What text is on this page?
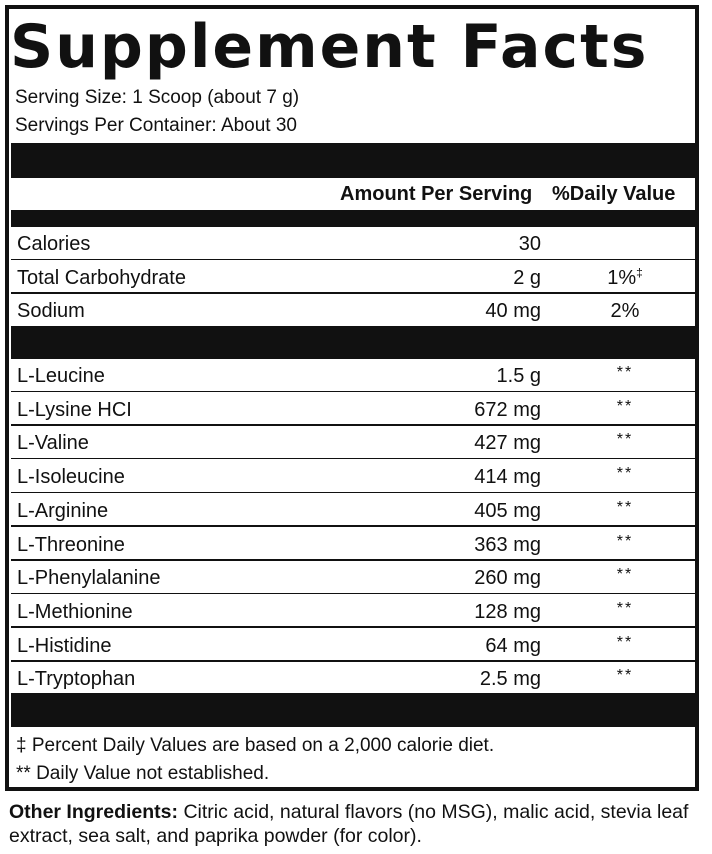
Supplement Facts
Serving Size: 1 Scoop (about 7 g)
Servings Per Container: About 30
Amount Per Serving %Daily Value
Calories	30
Total Carbohydrate	2 g	1%‡
Sodium	40 mg	2%
L-Leucine	1.5 g	**
L-Lysine HCI	672 mg	**
L-Valine	427 mg	**
L-Isoleucine	414 mg	**
L-Arginine	405 mg	**
L-Threonine	363 mg	**
L-Phenylalanine	260 mg	**
L-Methionine	128 mg	**
L-Histidine	64 mg	**
L-Tryptophan	2.5 mg	**
‡ Percent Daily Values are based on a 2,000 calorie diet.
** Daily Value not established.
Other Ingredients: Citric acid, natural flavors (no MSG), malic acid, stevia leaf extract, sea salt, and paprika powder (for color).
